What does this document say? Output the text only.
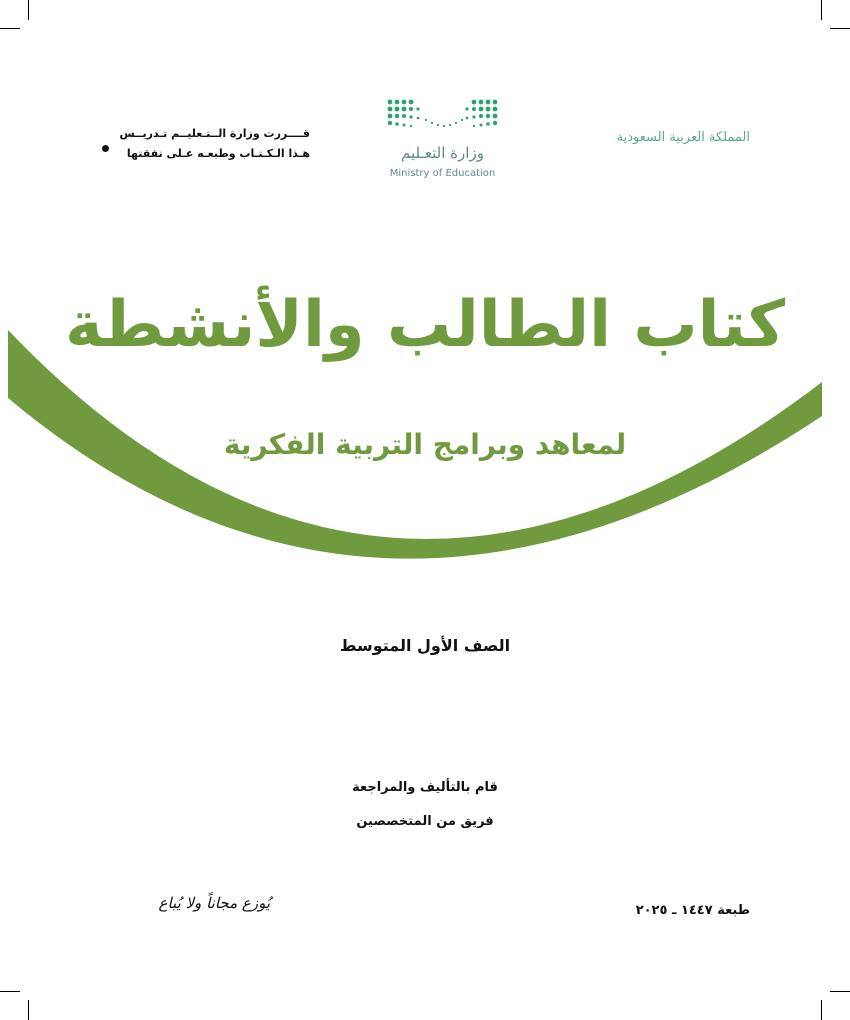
المملكة العربية السعودية
وزارة التعـليم
Ministry of Education
قــــررت وزارة الــتـعليــم تـدريــس
هـذا الـكـتـاب وطبعـه عـلى نفقتها
كتاب الطالب والأنشطة
لمعاهد وبرامج التربية الفكرية
الصف الأول المتوسط
قام بالتأليف والمراجعة
فريق من المتخصصين
طبعة ١٤٤٧ ـ ٢٠٢٥
يُوزع مجاناً ولا يُباع
